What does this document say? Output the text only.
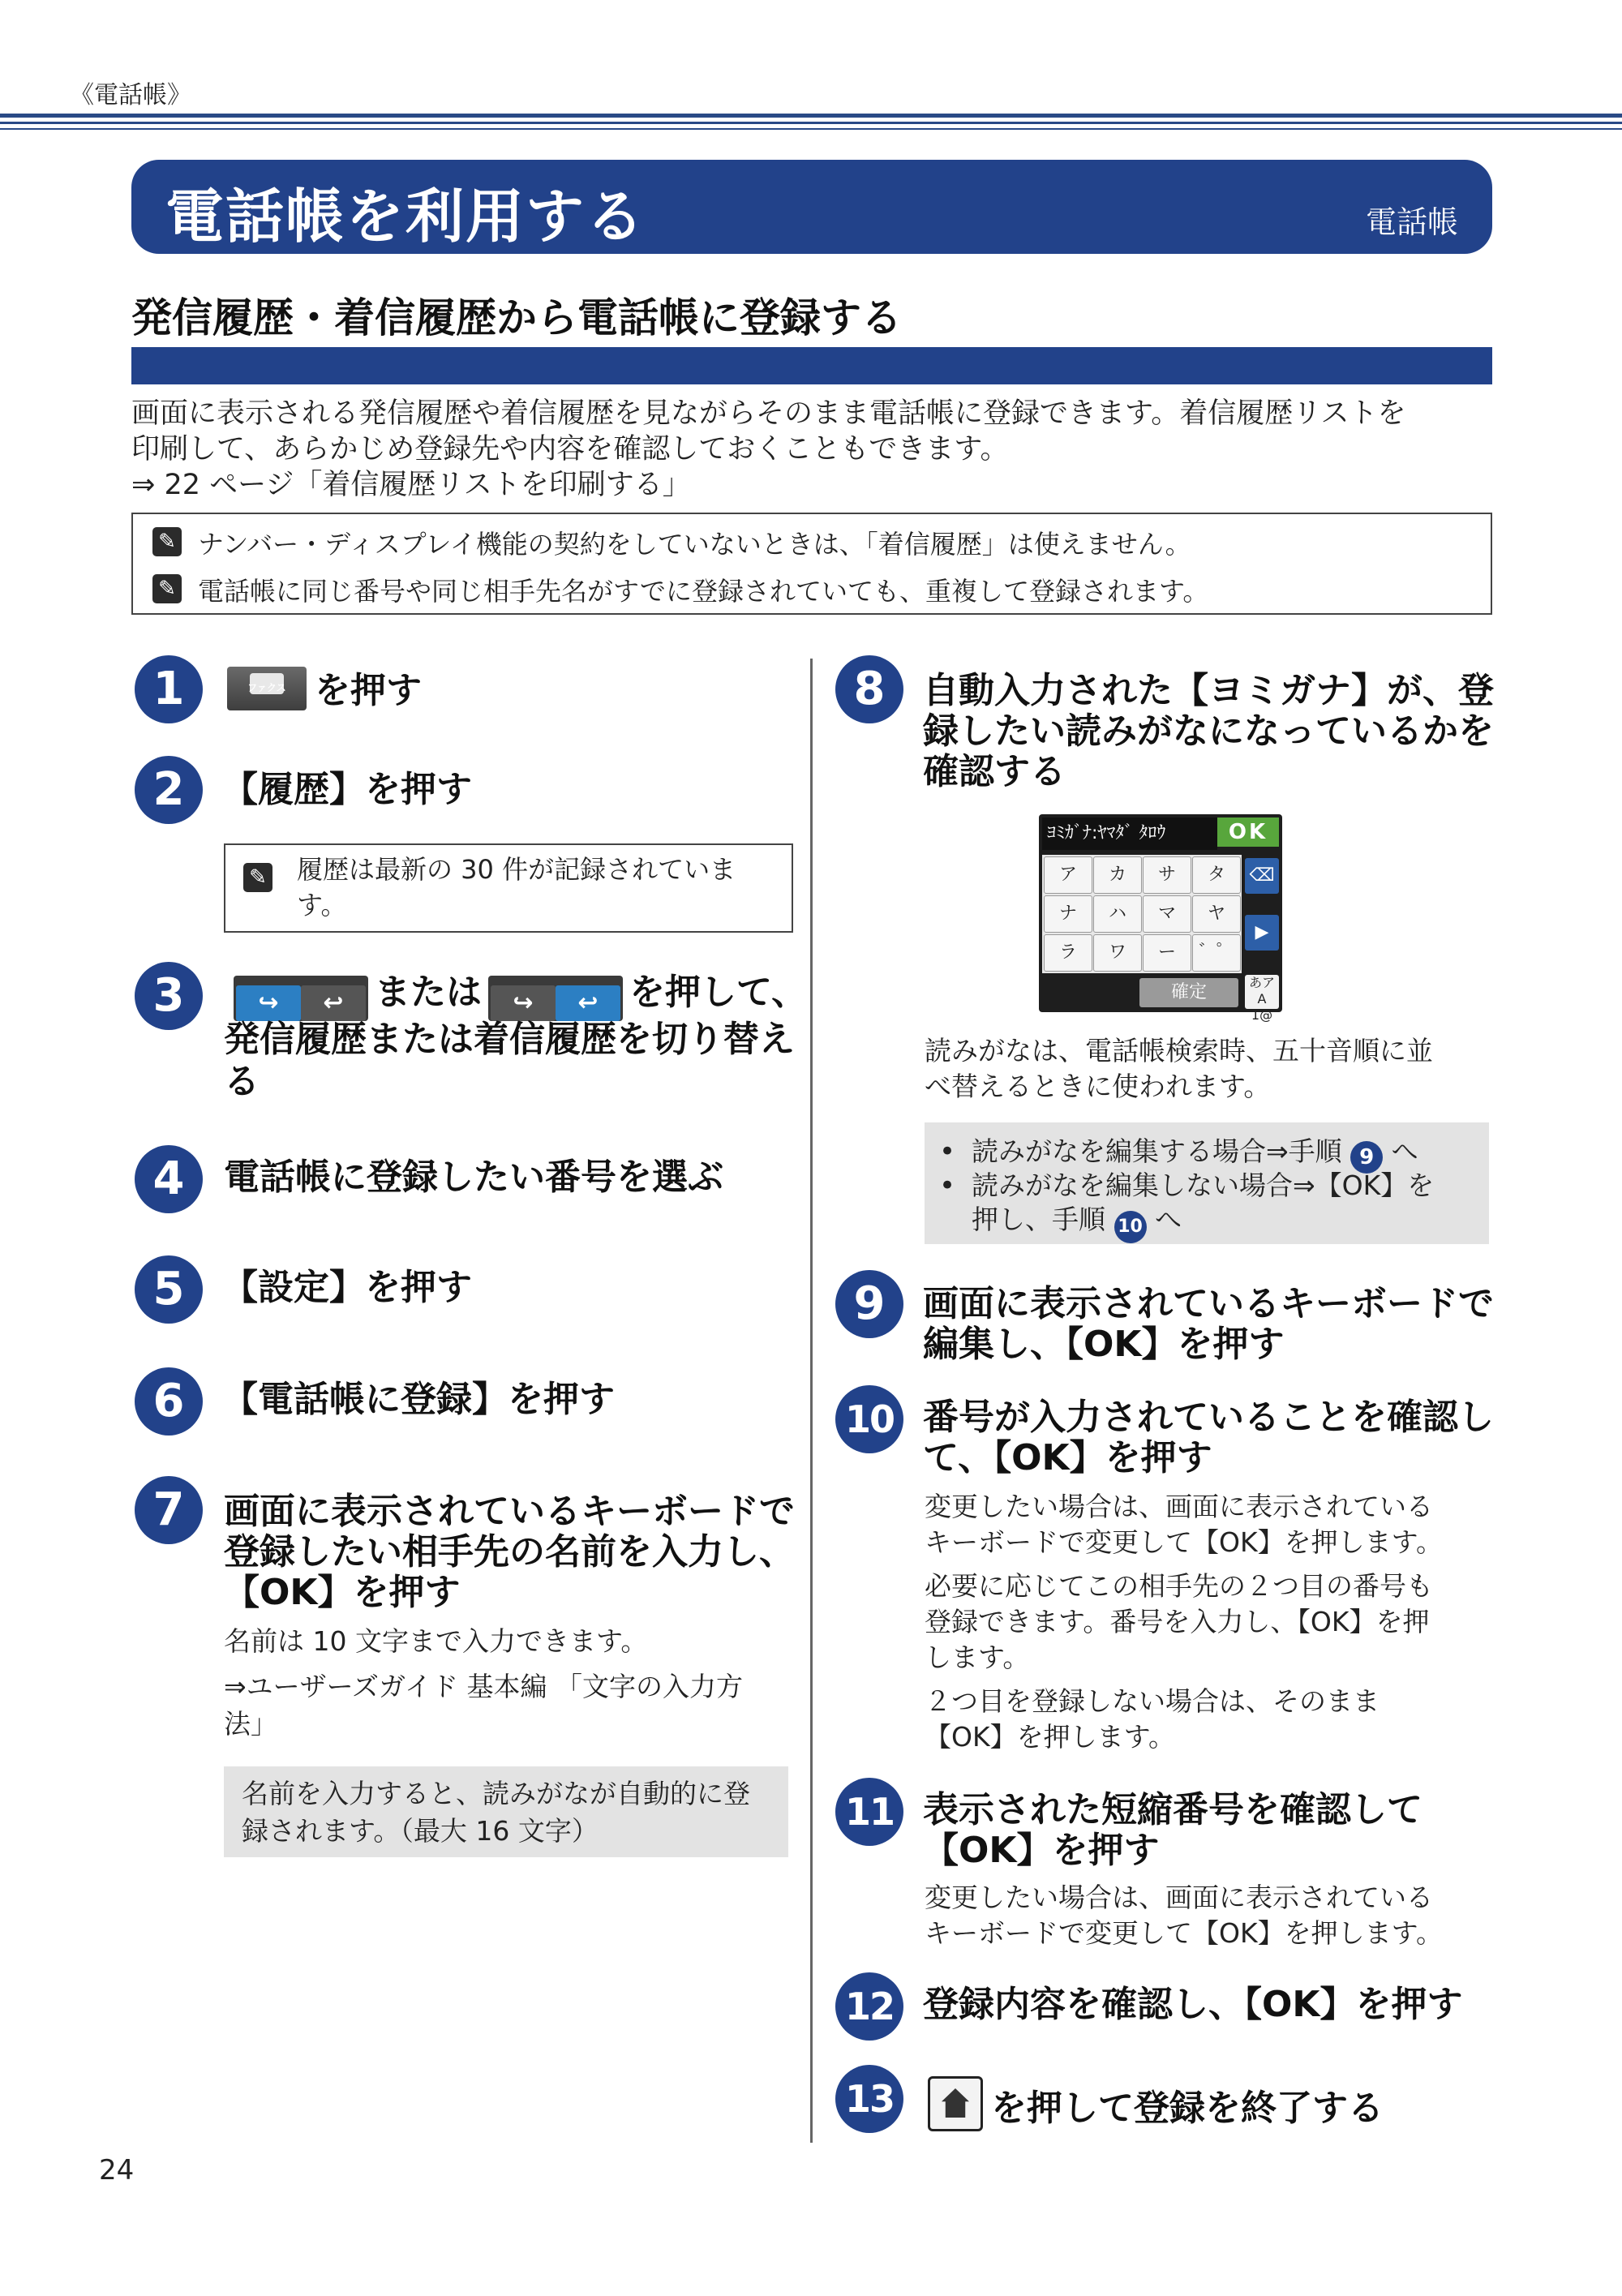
《電話帳》
電話帳を利用する	電話帳
発信履歴・着信履歴から電話帳に登録する
画面に表示される発信履歴や着信履歴を見ながらそのまま電話帳に登録できます。着信履歴リストを
印刷して、あらかじめ登録先や内容を確認しておくこともできます。
⇒ 22 ページ「着信履歴リストを印刷する」
✎ ナンバー・ディスプレイ機能の契約をしていないときは、「着信履歴」は使えません。
✎ 電話帳に同じ番号や同じ相手先名がすでに登録されていても、重複して登録されます。
1	ファクス を押す
2	【履歴】を押す
✎ 履歴は最新の 30 件が記録されていま
す。
3	↪ ↩ または ↪ ↩ を押して、
発信履歴または着信履歴を切り替え
る
4	電話帳に登録したい番号を選ぶ
5	【設定】を押す
6	【電話帳に登録】を押す
7	画面に表示されているキーボードで
登録したい相手先の名前を入力し、
【OK】を押す
名前は 10 文字まで入力できます。
⇒ユーザーズガイド 基本編 「文字の入力方
法」
名前を入力すると、読みがなが自動的に登
録されます。（最大 16 文字）
8	自動入力された【ヨミガナ】が、登
録したい読みがなになっているかを
確認する
ﾖﾐｶﾞﾅ:ﾔﾏﾀﾞ ﾀﾛｳ	OK
ア	カ	サ	タ
ナ	ハ	マ	ヤ
ラ	ワ	ー	゛゜
⌫
▶
確定	あアA
1@
読みがなは、電話帳検索時、五十音順に並
べ替えるときに使われます。
• 読みがなを編集する場合⇒手順 9 へ
• 読みがなを編集しない場合⇒【OK】を
押し、手順 10 へ
9	画面に表示されているキーボードで
編集し、【OK】を押す
10 番号が入力されていることを確認し
て、【OK】を押す
変更したい場合は、画面に表示されている
キーボードで変更して【OK】を押します。
必要に応じてこの相手先の２つ目の番号も
登録できます。番号を入力し、【OK】を押
します。
２つ目を登録しない場合は、そのまま
【OK】を押します。
11 表示された短縮番号を確認して
【OK】を押す
変更したい場合は、画面に表示されている
キーボードで変更して【OK】を押します。
12 登録内容を確認し、【OK】を押す
13	を押して登録を終了する
24
